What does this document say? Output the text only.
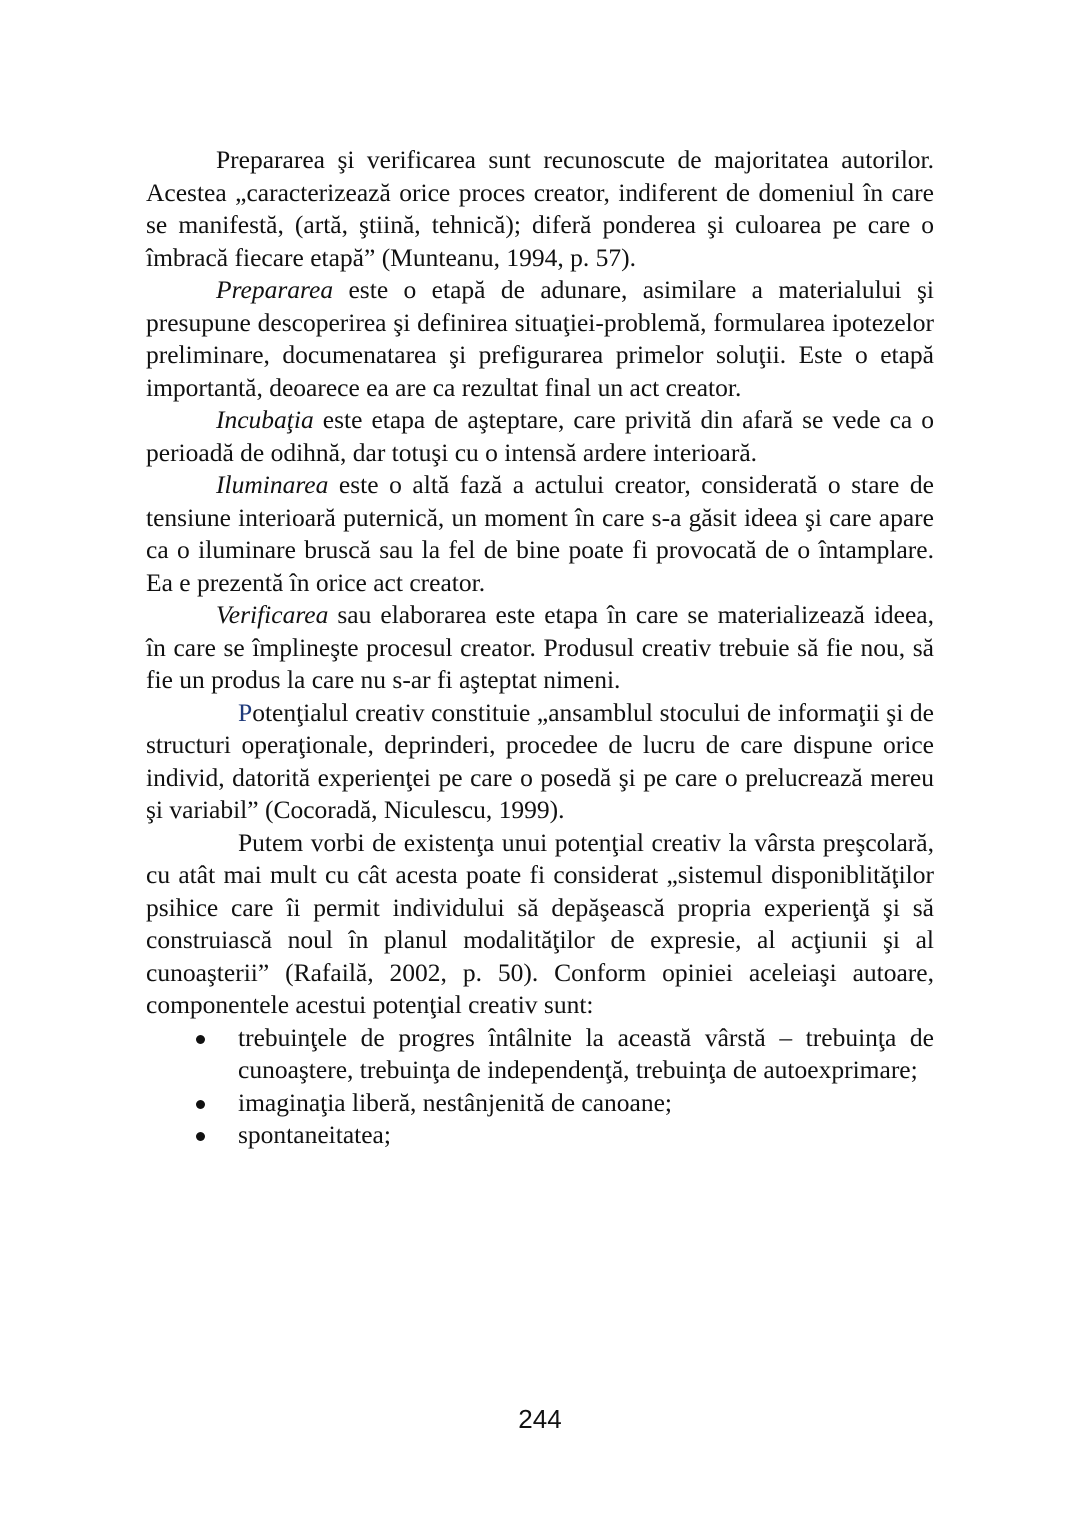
Prepararea şi verificarea sunt recunoscute de majoritatea autorilor. Acestea „caracterizează orice proces creator, indiferent de domeniul în care se manifestă, (artă, ştiină, tehnică); diferă ponderea şi culoarea pe care o îmbracă fiecare etapă” (Munteanu, 1994, p. 57).

Prepararea este o etapă de adunare, asimilare a materialului şi presupune descoperirea şi definirea situaţiei-problemă, formularea ipotezelor preliminare, documenatarea şi prefigurarea primelor soluţii. Este o etapă importantă, deoarece ea are ca rezultat final un act creator.

Incubaţia este etapa de aşteptare, care privită din afară se vede ca o perioadă de odihnă, dar totuşi cu o intensă ardere interioară.

Iluminarea este o altă fază a actului creator, considerată o stare de tensiune interioară puternică, un moment în care s-a găsit ideea şi care apare ca o iluminare bruscă sau la fel de bine poate fi provocată de o întamplare. Ea e prezentă în orice act creator.

Verificarea sau elaborarea este etapa în care se materializează ideea, în care se împlineşte procesul creator. Produsul creativ trebuie să fie nou, să fie un produs la care nu s-ar fi aşteptat nimeni.

Potenţialul creativ constituie „ansamblul stocului de informaţii şi de structuri operaţionale, deprinderi, procedee de lucru de care dispune orice individ, datorită experienţei pe care o posedă şi pe care o prelucrează mereu şi variabil” (Cocoradă, Niculescu, 1999).

Putem vorbi de existenţa unui potenţial creativ la vârsta preşcolară, cu atât mai mult cu cât acesta poate fi considerat „sistemul disponiblităţilor psihice care îi permit individului să depăşească propria experienţă şi să construiască noul în planul modalităţilor de expresie, al acţiunii şi al cunoaşterii” (Rafailă, 2002, p. 50). Conform opiniei aceleiaşi autoare, componentele acestui potenţial creativ sunt:

trebuinţele de progres întâlnite la această vârstă – trebuinţa de cunoaştere, trebuinţa de independenţă, trebuinţa de autoexprimare;
imaginaţia liberă, nestânjenită de canoane;
spontaneitatea;
244
